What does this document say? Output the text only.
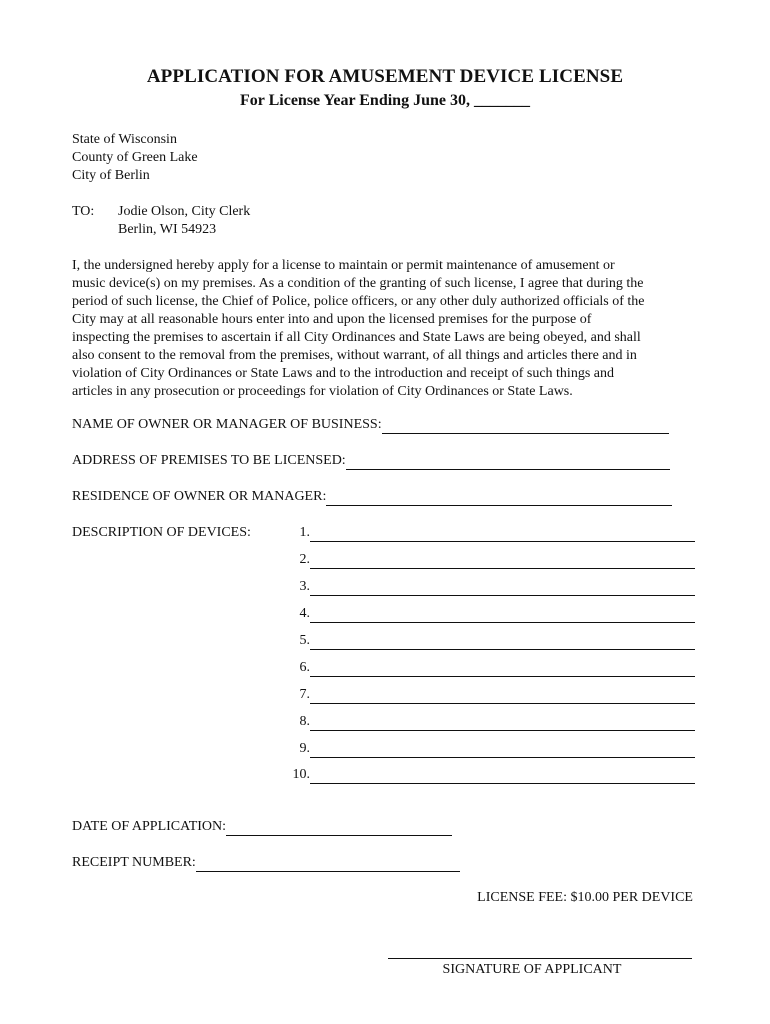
APPLICATION FOR AMUSEMENT DEVICE LICENSE
For License Year Ending June 30, _______
State of Wisconsin
County of Green Lake
City of Berlin
TO: Jodie Olson, City Clerk
Berlin, WI 54923
I, the undersigned hereby apply for a license to maintain or permit maintenance of amusement or
music device(s) on my premises. As a condition of the granting of such license, I agree that during the
period of such license, the Chief of Police, police officers, or any other duly authorized officials of the
City may at all reasonable hours enter into and upon the licensed premises for the purpose of
inspecting the premises to ascertain if all City Ordinances and State Laws are being obeyed, and shall
also consent to the removal from the premises, without warrant, of all things and articles there and in
violation of City Ordinances or State Laws and to the introduction and receipt of such things and
articles in any prosecution or proceedings for violation of City Ordinances or State Laws.
NAME OF OWNER OR MANAGER OF BUSINESS:
ADDRESS OF PREMISES TO BE LICENSED:
RESIDENCE OF OWNER OR MANAGER:
DESCRIPTION OF DEVICES:	1.
2.
3.
4.
5.
6.
7.
8.
9.
10.
DATE OF APPLICATION:
RECEIPT NUMBER:
LICENSE FEE: $10.00 PER DEVICE
SIGNATURE OF APPLICANT
